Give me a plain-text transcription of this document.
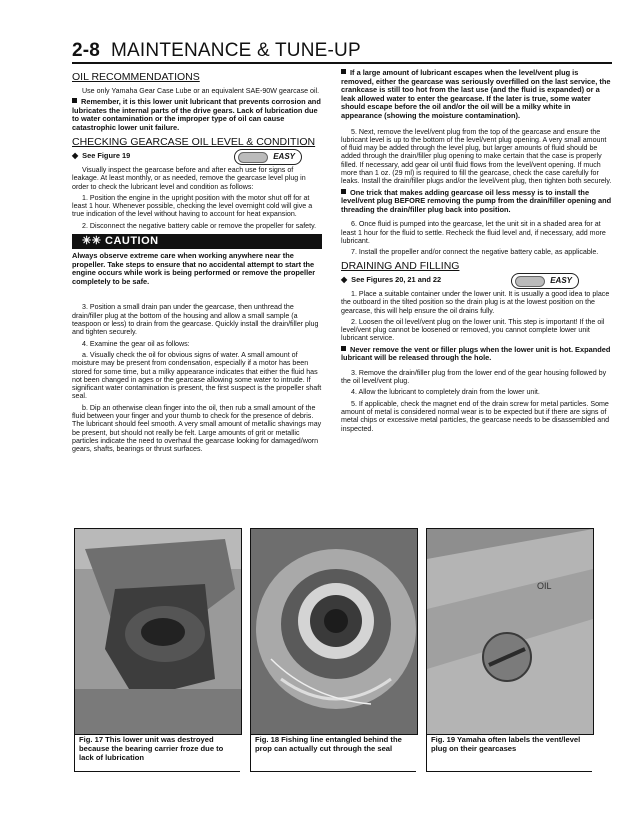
2-8 MAINTENANCE & TUNE-UP

OIL RECOMMENDATIONS

Use only Yamaha Gear Case Lube or an equivalent SAE-90W gearcase oil.

Remember, it is this lower unit lubricant that prevents corrosion and lubricates the internal parts of the drive gears. Lack of lubrication due to water contamination or the improper type of oil can cause catastrophic lower unit failure.

CHECKING GEARCASE OIL LEVEL & CONDITION

◆ See Figure 19	EASY

Visually inspect the gearcase before and after each use for signs of leakage. At least monthly, or as needed, remove the gearcase level plug in order to check the lubricant level and condition as follows:

1. Position the engine in the upright position with the motor shut off for at least 1 hour. Whenever possible, checking the level overnight cold will give a true indication of the level without having to account for heat expansion.

2. Disconnect the negative battery cable or remove the propeller for safety.

✳✳ CAUTION

Always observe extreme care when working anywhere near the propeller. Take steps to ensure that no accidental attempt to start the engine occurs while work is being performed or remove the propeller completely to be safe.

3. Position a small drain pan under the gearcase, then unthread the drain/filler plug at the bottom of the housing and allow a small sample (a teaspoon or less) to drain from the gearcase. Quickly install the drain/filler plug and tighten securely.

4. Examine the gear oil as follows:

a. Visually check the oil for obvious signs of water. A small amount of moisture may be present from condensation, especially if a motor has been stored for some time, but a milky appearance indicates that either the fluid has not been changed in ages or the gearcase allowing some water to intrude. If significant water contamination is present, the first suspect is the propeller shaft seal.

b. Dip an otherwise clean finger into the oil, then rub a small amount of the fluid between your finger and your thumb to check for the presence of debris. The lubricant should feel smooth. A very small amount of metallic shavings may be present, but should not really be felt. Large amounts of grit or metallic particles indicate the need to overhaul the gearcase looking for damaged/worn gears, shafts, bearings or thrust surfaces.

If a large amount of lubricant escapes when the level/vent plug is removed, either the gearcase was seriously overfilled on the last service, the crankcase is still too hot from the last use (and the fluid is expanded) or a leak allowed water to enter the gearcase. If the later is true, some water should escape before the oil and/or the oil will be a milky white in appearance (showing the moisture contamination).

5. Next, remove the level/vent plug from the top of the gearcase and ensure the lubricant level is up to the bottom of the level/vent plug opening. A very small amount of fluid may be added through the level plug, but larger amounts of fluid should be added through the drain/filler plug opening to make certain that the case is properly filled. If necessary, add gear oil until fluid flows from the level/vent opening. If much more than 1 oz. (29 ml) is required to fill the gearcase, check the case carefully for leaks. Install the drain/filler plugs and/or the level/vent plug, then tighten both securely.

One trick that makes adding gearcase oil less messy is to install the level/vent plug BEFORE removing the pump from the drain/filler opening and threading the drain/filler plug back into position.

6. Once fluid is pumped into the gearcase, let the unit sit in a shaded area for at least 1 hour for the fluid to settle. Recheck the fluid level and, if necessary, add more lubricant.

7. Install the propeller and/or connect the negative battery cable, as applicable.

DRAINING AND FILLING

◆ See Figures 20, 21 and 22	EASY

1. Place a suitable container under the lower unit. It is usually a good idea to place the outboard in the tilted position so the drain plug is at the lowest position on the gearcase, this will help ensure the oil drains fully.

2. Loosen the oil level/vent plug on the lower unit. This step is important! If the oil level/vent plug cannot be loosened or removed, you cannot complete lower unit lubricant service.

Never remove the vent or filler plugs when the lower unit is hot. Expanded lubricant will be released through the hole.

3. Remove the drain/filler plug from the lower end of the gear housing followed by the oil level/vent plug.

4. Allow the lubricant to completely drain from the lower unit.

5. If applicable, check the magnet end of the drain screw for metal particles. Some amount of metal is considered normal wear is to be expected but if there are signs of metal chips or excessive metal particles, the gearcase needs to be disassembled and inspected.

Fig. 17 This lower unit was destroyed because the bearing carrier froze due to lack of lubrication
Fig. 18 Fishing line entangled behind the prop can actually cut through the seal
OIL
Fig. 19 Yamaha often labels the vent/level plug on their gearcases
